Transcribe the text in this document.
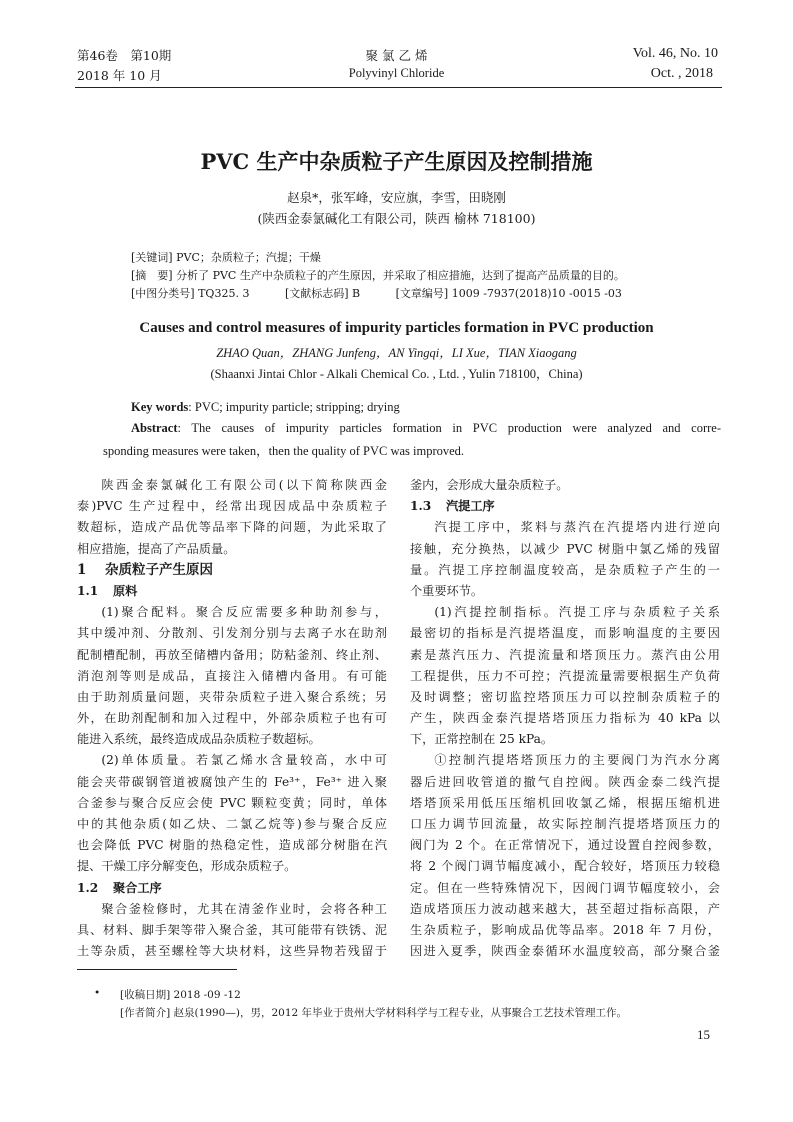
第46卷　第10期
2018 年 10 月
聚 氯 乙 烯
Polyvinyl Chloride
Vol. 46, No. 10
Oct. , 2018
PVC 生产中杂质粒子产生原因及控制措施
赵泉*，张军峰，安应旗，李雪，田晓刚
(陕西金泰氯碱化工有限公司，陕西 榆林 718100)
[关键词] PVC；杂质粒子；汽提；干燥
[摘　要] 分析了 PVC 生产中杂质粒子的产生原因，并采取了相应措施，达到了提高产品质量的目的。
[中图分类号] TQ325. 3	[文献标志码] B	[文章编号] 1009 -7937(2018)10 -0015 -03
Causes and control measures of impurity particles formation in PVC production
ZHAO Quan，ZHANG Junfeng，AN Yingqi，LI Xue，TIAN Xiaogang
(Shaanxi Jintai Chlor - Alkali Chemical Co. , Ltd. , Yulin 718100，China)
Key words: PVC; impurity particle; stripping; drying
Abstract: The causes of impurity particles formation in PVC production were analyzed and corre-
sponding measures were taken，then the quality of PVC was improved.
陕西金泰氯碱化工有限公司(以下简称陕西金
泰)PVC 生产过程中，经常出现因成品中杂质粒子
数超标，造成产品优等品率下降的问题，为此采取了
相应措施，提高了产品质量。
1 杂质粒子产生原因
1.1 原料
(1)聚合配料。聚合反应需要多种助剂参与，
其中缓冲剂、分散剂、引发剂分别与去离子水在助剂
配制槽配制，再放至储槽内备用；防粘釜剂、终止剂、
消泡剂等则是成品，直接注入储槽内备用。有可能
由于助剂质量问题，夹带杂质粒子进入聚合系统；另
外，在助剂配制和加入过程中，外部杂质粒子也有可
能进入系统，最终造成成品杂质粒子数超标。
(2)单体质量。若氯乙烯水含量较高，水中可
能会夹带碳钢管道被腐蚀产生的 Fe³⁺，Fe³⁺ 进入聚
合釜参与聚合反应会使 PVC 颗粒变黄；同时，单体
中的其他杂质(如乙炔、二氯乙烷等)参与聚合反应
也会降低 PVC 树脂的热稳定性，造成部分树脂在汽
提、干燥工序分解变色，形成杂质粒子。
1.2 聚合工序
聚合釜检修时，尤其在清釜作业时，会将各种工
具、材料、脚手架等带入聚合釜，其可能带有铁锈、泥
土等杂质，甚至螺栓等大块材料，这些异物若残留于
釜内，会形成大量杂质粒子。
1.3 汽提工序
汽提工序中，浆料与蒸汽在汽提塔内进行逆向
接触，充分换热，以减少 PVC 树脂中氯乙烯的残留
量。汽提工序控制温度较高，是杂质粒子产生的一
个重要环节。
(1)汽提控制指标。汽提工序与杂质粒子关系
最密切的指标是汽提塔温度，而影响温度的主要因
素是蒸汽压力、汽提流量和塔顶压力。蒸汽由公用
工程提供，压力不可控；汽提流量需要根据生产负荷
及时调整；密切监控塔顶压力可以控制杂质粒子的
产生，陕西金泰汽提塔塔顶压力指标为 40 kPa 以
下，正常控制在 25 kPa。
①控制汽提塔塔顶压力的主要阀门为汽水分离
器后进回收管道的撤气自控阀。陕西金泰二线汽提
塔塔顶采用低压压缩机回收氯乙烯，根据压缩机进
口压力调节回流量，故实际控制汽提塔塔顶压力的
阀门为 2 个。在正常情况下，通过设置自控阀参数，
将 2 个阀门调节幅度减小，配合较好，塔顶压力较稳
定。但在一些特殊情况下，因阀门调节幅度较小，会
造成塔顶压力波动越来越大，甚至超过指标高限，产
生杂质粒子，影响成品优等品率。2018 年 7 月份，
因进入夏季，陕西金泰循环水温度较高，部分聚合釜
• [收稿日期] 2018 -09 -12
[作者简介] 赵泉(1990—)，男，2012 年毕业于贵州大学材料科学与工程专业，从事聚合工艺技术管理工作。
15
